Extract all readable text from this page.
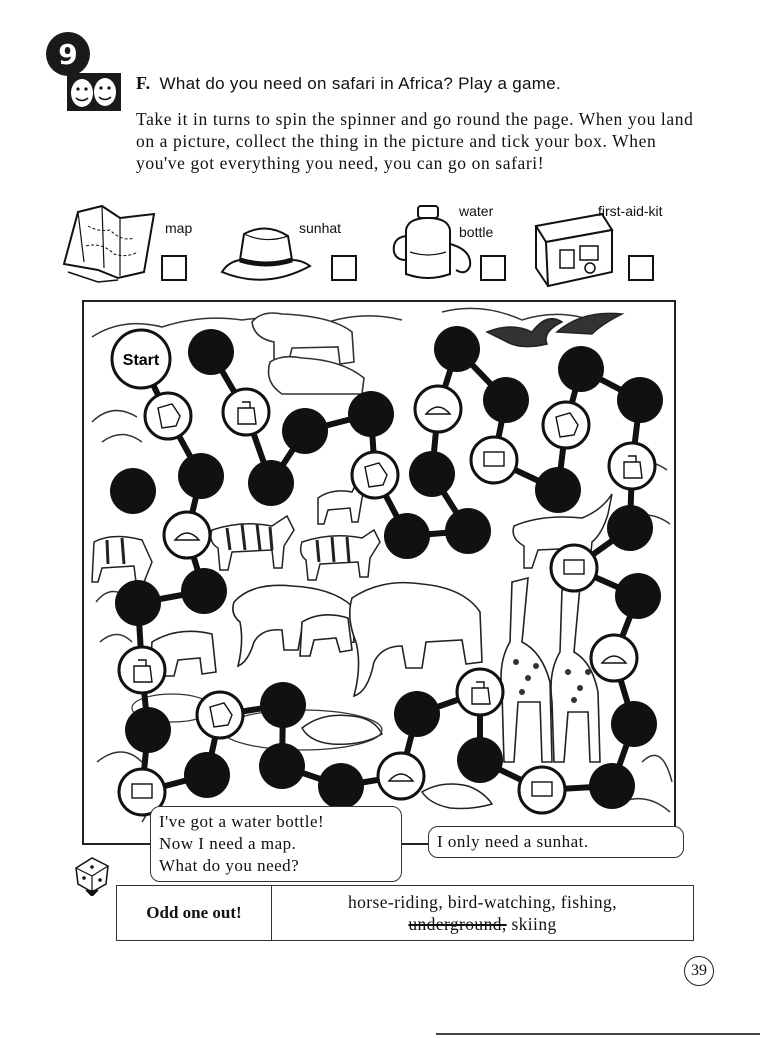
9
F. What do you need on safari in Africa? Play a game.
Take it in turns to spin the spinner and go round the page. When you land on a picture, collect the thing in the picture and tick your box. When you've got everything you need, you can go on safari!
map	sunhat
water
bottle
first-aid-kit
Start
I've got a water bottle!
Now I need a map.
What do you need?
I only need a sunhat.
Odd one out!
horse-riding, bird-watching, fishing,
underground, skiing
39
